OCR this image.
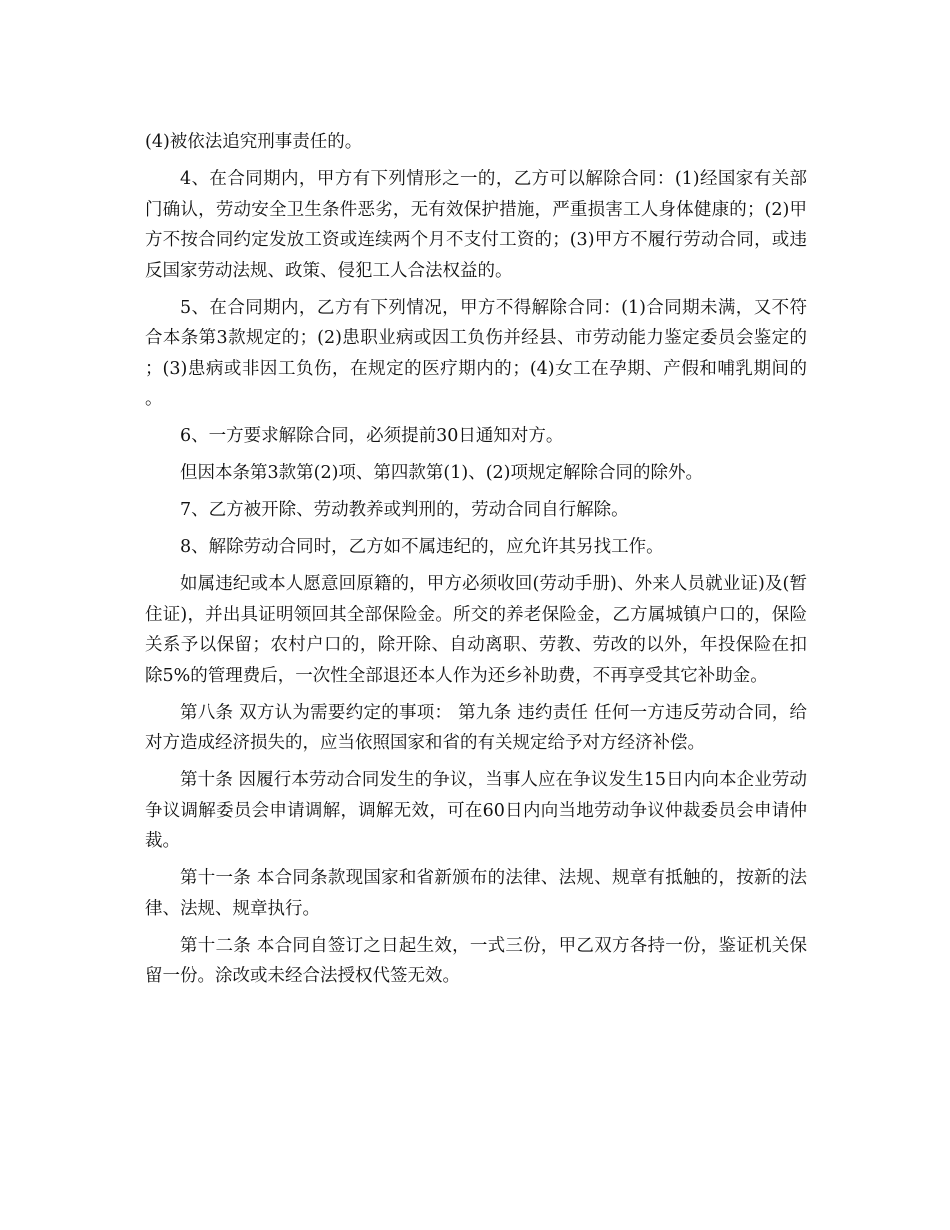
(4)被依法追究刑事责任的。

4、在合同期内，甲方有下列情形之一的，乙方可以解除合同：(1)经国家有关部门确认，劳动安全卫生条件恶劣，无有效保护措施，严重损害工人身体健康的；(2)甲方不按合同约定发放工资或连续两个月不支付工资的；(3)甲方不履行劳动合同，或违反国家劳动法规、政策、侵犯工人合法权益的。

5、在合同期内，乙方有下列情况，甲方不得解除合同：(1)合同期未满，又不符合本条第3款规定的；(2)患职业病或因工负伤并经县、市劳动能力鉴定委员会鉴定的；(3)患病或非因工负伤，在规定的医疗期内的；(4)女工在孕期、产假和哺乳期间的。

6、一方要求解除合同，必须提前30日通知对方。

但因本条第3款第(2)项、第四款第(1)、(2)项规定解除合同的除外。

7、乙方被开除、劳动教养或判刑的，劳动合同自行解除。

8、解除劳动合同时，乙方如不属违纪的，应允许其另找工作。

如属违纪或本人愿意回原籍的，甲方必须收回(劳动手册)、外来人员就业证)及(暂住证)，并出具证明领回其全部保险金。所交的养老保险金，乙方属城镇户口的，保险关系予以保留；农村户口的，除开除、自动离职、劳教、劳改的以外，年投保险在扣除5%的管理费后，一次性全部退还本人作为还乡补助费，不再享受其它补助金。

第八条 双方认为需要约定的事项： 第九条 违约责任 任何一方违反劳动合同，给对方造成经济损失的，应当依照国家和省的有关规定给予对方经济补偿。

第十条 因履行本劳动合同发生的争议，当事人应在争议发生15日内向本企业劳动争议调解委员会申请调解，调解无效，可在60日内向当地劳动争议仲裁委员会申请仲裁。

第十一条 本合同条款现国家和省新颁布的法律、法规、规章有抵触的，按新的法律、法规、规章执行。

第十二条 本合同自签订之日起生效，一式三份，甲乙双方各持一份，鉴证机关保留一份。涂改或未经合法授权代签无效。
